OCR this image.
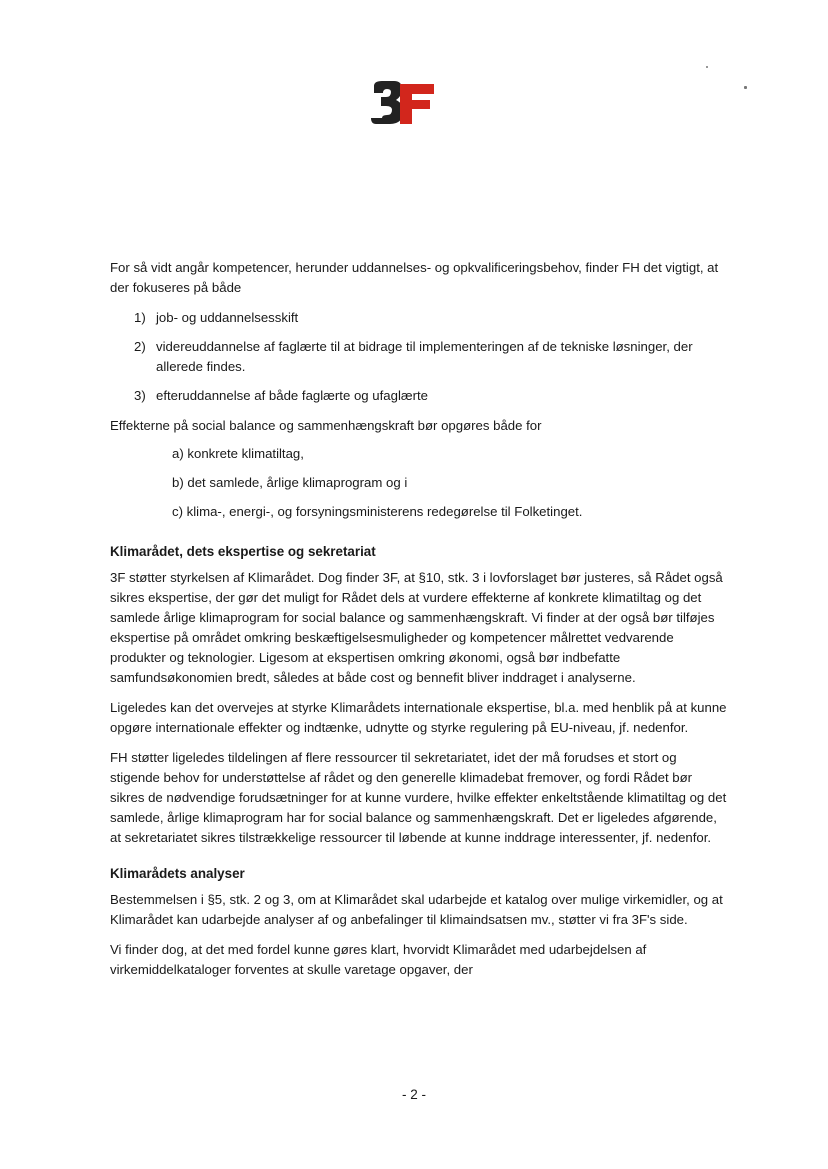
For så vidt angår kompetencer, herunder uddannelses- og opkvalificeringsbehov, finder FH det vigtigt, at der fokuseres på både

1) job- og uddannelsesskift
2) videreuddannelse af faglærte til at bidrage til implementeringen af de tekniske løsninger, der allerede findes.
3) efteruddannelse af både faglærte og ufaglærte

Effekterne på social balance og sammenhængskraft bør opgøres både for

a) konkrete klimatiltag,
b) det samlede, årlige klimaprogram og i
c) klima-, energi-, og forsyningsministerens redegørelse til Folketinget.
Klimarådet, dets ekspertise og sekretariat

3F støtter styrkelsen af Klimarådet. Dog finder 3F, at §10, stk. 3 i lovforslaget bør justeres, så Rådet også sikres ekspertise, der gør det muligt for Rådet dels at vurdere effekterne af konkrete klimatiltag og det samlede årlige klimaprogram for social balance og sammenhængskraft. Vi finder at der også bør tilføjes ekspertise på området omkring beskæftigelsesmuligheder og kompetencer målrettet vedvarende produkter og teknologier. Ligesom at ekspertisen omkring økonomi, også bør indbefatte samfundsøkonomien bredt, således at både cost og bennefit bliver inddraget i analyserne.

Ligeledes kan det overvejes at styrke Klimarådets internationale ekspertise, bl.a. med henblik på at kunne opgøre internationale effekter og indtænke, udnytte og styrke regulering på EU-niveau, jf. nedenfor.

FH støtter ligeledes tildelingen af flere ressourcer til sekretariatet, idet der må forudses et stort og stigende behov for understøttelse af rådet og den generelle klimadebat fremover, og fordi Rådet bør sikres de nødvendige forudsætninger for at kunne vurdere, hvilke effekter enkeltstående klimatiltag og det samlede, årlige klimaprogram har for social balance og sammenhængskraft. Det er ligeledes afgørende, at sekretariatet sikres tilstrækkelige ressourcer til løbende at kunne inddrage interessenter, jf. nedenfor.

Klimarådets analyser

Bestemmelsen i §5, stk. 2 og 3, om at Klimarådet skal udarbejde et katalog over mulige virkemidler, og at Klimarådet kan udarbejde analyser af og anbefalinger til klimaindsatsen mv., støtter vi fra 3F's side.

Vi finder dog, at det med fordel kunne gøres klart, hvorvidt Klimarådet med udarbejdelsen af virkemiddelkataloger forventes at skulle varetage opgaver, der

- 2 -
